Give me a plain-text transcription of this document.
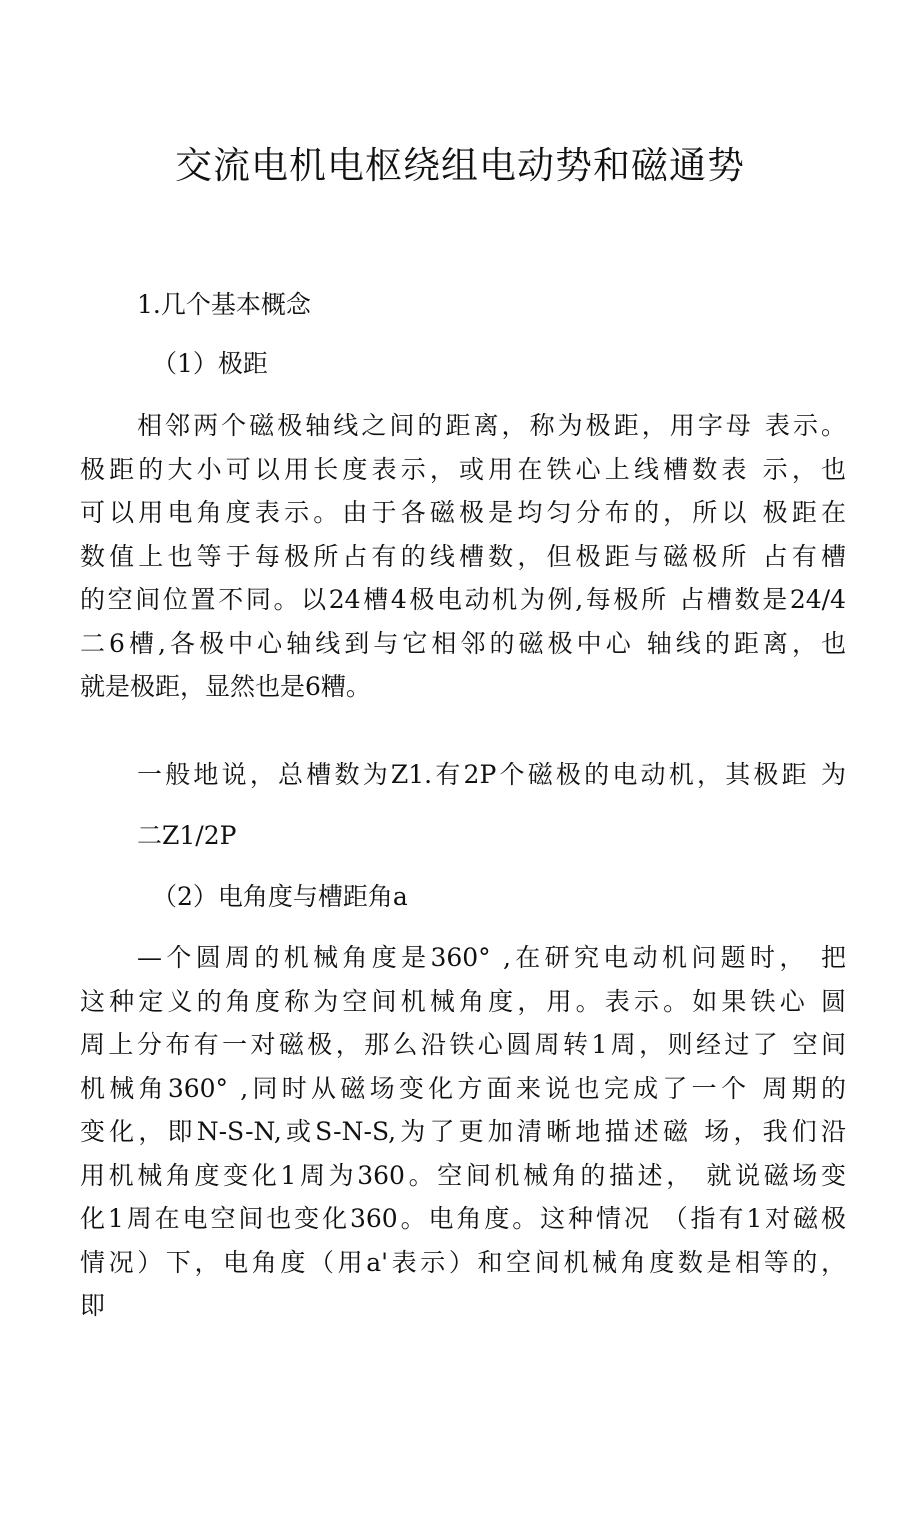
交流电机电枢绕组电动势和磁通势

1.几个基本概念

（1）极距

相邻两个磁极轴线之间的距离，称为极距，用字母 表示。
极距的大小可以用长度表示，或用在铁心上线槽数表 示，也
可以用电角度表示。由于各磁极是均匀分布的，所以 极距在
数值上也等于每极所占有的线槽数，但极距与磁极所 占有槽
的空间位置不同。以24槽4极电动机为例,每极所 占槽数是24/4
二6槽,各极中心轴线到与它相邻的磁极中心 轴线的距离，也
就是极距，显然也是6糟。

一般地说，总槽数为Z1.有2P个磁极的电动机，其极距 为

二Z1/2P

（2）电角度与槽距角a

—个圆周的机械角度是360° ,在研究电动机问题时， 把
这种定义的角度称为空间机械角度，用。表示。如果铁心 圆
周上分布有一对磁极，那么沿铁心圆周转1周，则经过了 空间
机械角360° ,同时从磁场变化方面来说也完成了一个 周期的
变化，即N-S-N,或S-N-S,为了更加清晰地描述磁 场，我们沿
用机械角度变化1周为360。空间机械角的描述， 就说磁场变
化1周在电空间也变化360。电角度。这种情况 （指有1对磁极
情况）下，电角度（用a'表示）和空间机械角度数是相等的，
即
